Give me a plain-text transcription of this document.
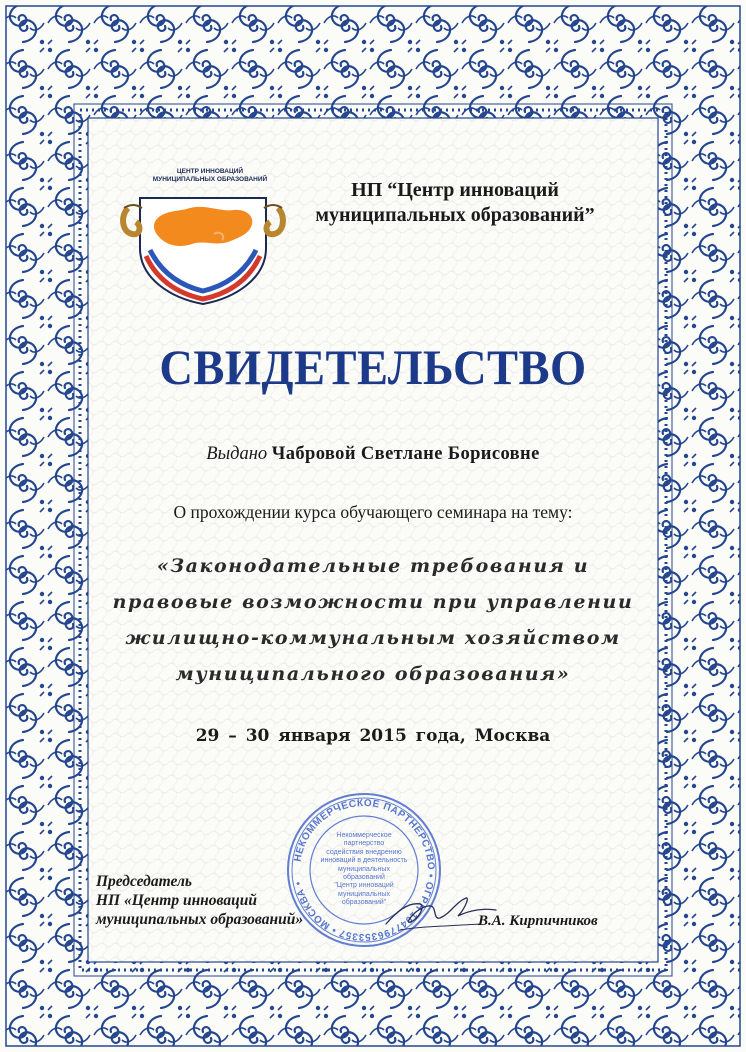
ЦЕНТР ИННОВАЦИЙ
МУНИЦИПАЛЬНЫХ ОБРАЗОВАНИЙ	НП “Центр инноваций
муниципальных образований”
СВИДЕТЕЛЬСТВО
Выдано Чабровой Светлане Борисовне
О прохождении курса обучающего семинара на тему:
«Законодательные требования и
правовые возможности при управлении
жилищно-коммунальным хозяйством
муниципального образования»
29 – 30 января 2015 года, Москва
НЕКОММЕРЧЕСКОЕ ПАРТНЕРСТВО • ОГРН 1047796353357 • МОСКВА •
Некоммерческое
партнерство
содействия внедрению
инноваций в деятельность
муниципальных
образований
"Центр инноваций
муниципальных
образований"
Председатель
НП «Центр инноваций
муниципальных образований»	В.А. Кирпичников
